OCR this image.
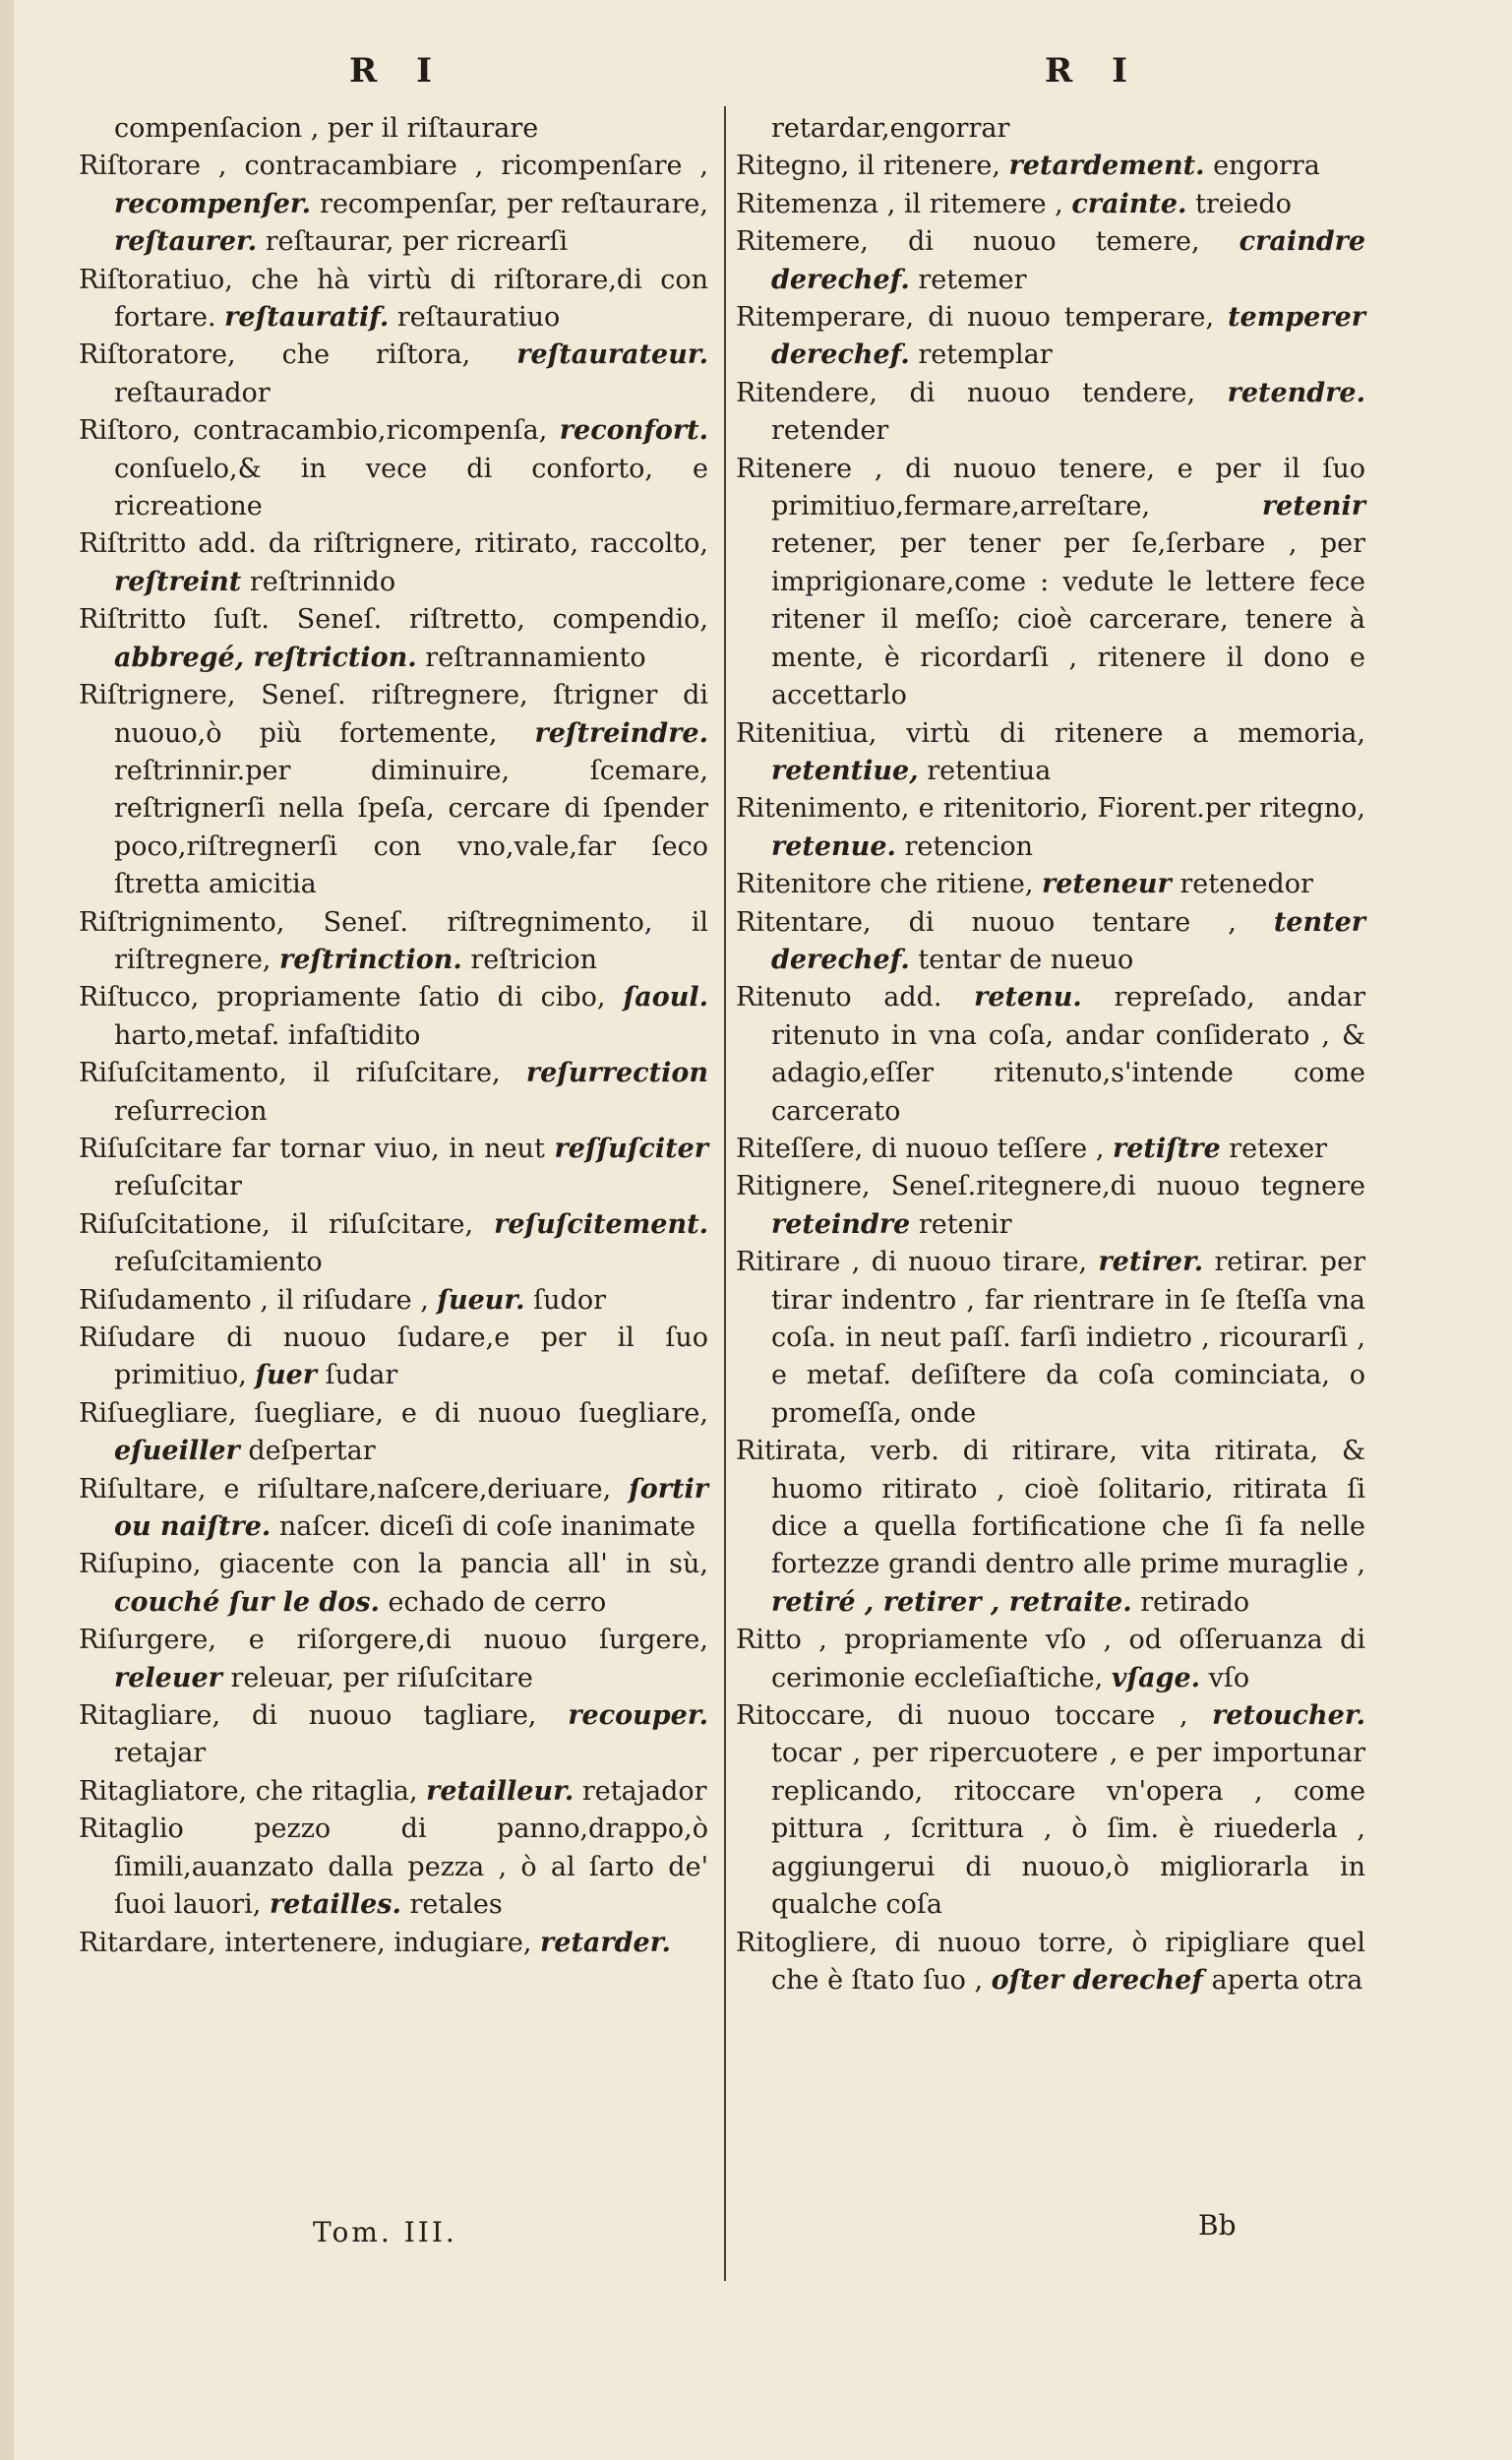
R I	R I
compenſacion , per il riſtaurare
Riſtorare , contracambiare , ricompenſare , recompenſer. recompenſar, per reſtaurare, reſtaurer. reſtaurar, per ricrearſi
Riſtoratiuo, che hà virtù di riſtorare,di con fortare. reſtauratif. reſtauratiuo
Riſtoratore, che riſtora, reſtaurateur. reſtaurador
Riſtoro, contracambio,ricompenſa, reconfort. conſuelo,& in vece di conforto, e ricreatione
Riſtritto add. da riſtrignere, ritirato, raccolto, reſtreint reſtrinnido
Riſtritto ſuſt. Seneſ. riſtretto, compendio, abbregé, reſtriction. reſtrannamiento
Riſtrignere, Seneſ. riſtregnere, ſtrigner di nuouo,ò più fortemente, reſtreindre. reſtrinnir.per diminuire, ſcemare, reſtrignerſi nella ſpeſa, cercare di ſpender poco,riſtregnerſi con vno,vale,far ſeco ſtretta amicitia
Riſtrignimento, Seneſ. riſtregnimento, il riſtregnere, reſtrinction. reſtricion
Riſtucco, propriamente ſatio di cibo, ſaoul. harto,metaf. infaſtidito
Riſuſcitamento, il riſuſcitare, reſurrection reſurrecion
Riſuſcitare far tornar viuo, in neut reſſuſciter reſuſcitar
Riſuſcitatione, il riſuſcitare, reſuſcitement. reſuſcitamiento
Riſudamento , il riſudare , ſueur. ſudor
Riſudare di nuouo ſudare,e per il ſuo primitiuo, ſuer ſudar
Riſuegliare, ſuegliare, e di nuouo ſuegliare, eſueiller deſpertar
Riſultare, e riſultare,naſcere,deriuare, ſortir ou naiſtre. naſcer. diceſi di coſe inanimate
Riſupino, giacente con la pancia all' in sù, couché ſur le dos. echado de cerro
Riſurgere, e riſorgere,di nuouo ſurgere, releuer releuar, per riſuſcitare
Ritagliare, di nuouo tagliare, recouper. retajar
Ritagliatore, che ritaglia, retailleur. retajador
Ritaglio	pezzo di panno,drappo,ò ſimili,auanzato dalla pezza , ò al ſarto de' ſuoi lauori, retailles. retales
Ritardare, intertenere, indugiare, retarder.
retardar,engorrar
Ritegno, il ritenere, retardement. engorra
Ritemenza , il ritemere , crainte. treiedo
Ritemere, di nuouo temere, craindre derechef. retemer
Ritemperare, di nuouo temperare, temperer derechef. retemplar
Ritendere, di nuouo tendere, retendre. retender
Ritenere , di nuouo tenere, e per il ſuo primitiuo,fermare,arreſtare,	retenir retener, per tener per ſe,ſerbare , per imprigionare,come : vedute le lettere fece ritener il meſſo; cioè carcerare, tenere à mente, è ricordarſi , ritenere il dono e accettarlo
Ritenitiua, virtù di ritenere a memoria, retentiue, retentiua
Ritenimento, e ritenitorio, Fiorent.per ritegno, retenue. retencion
Ritenitore che ritiene, reteneur retenedor
Ritentare, di nuouo tentare , tenter derechef. tentar de nueuo
Ritenuto add. retenu. repreſado, andar ritenuto in vna coſa, andar conſiderato , & adagio,eſſer ritenuto,s'intende come carcerato
Riteſſere, di nuouo teſſere , retiſtre retexer
Ritignere, Seneſ.ritegnere,di nuouo tegnere reteindre retenir
Ritirare , di nuouo tirare, retirer. retirar. per tirar indentro , far rientrare in ſe ſteſſa vna coſa. in neut paſſ. farſi indietro , ricourarſi , e metaf. deſiſtere da coſa cominciata, o promeſſa, onde
Ritirata, verb. di ritirare, vita ritirata, & huomo ritirato , cioè ſolitario, ritirata ſi dice a quella fortificatione che ſi fa nelle fortezze grandi dentro alle prime muraglie , retiré , retirer , retraite. retirado
Ritto , propriamente vſo , od oſſeruanza di cerimonie eccleſiaſtiche, vſage. vſo
Ritoccare, di nuouo toccare , retoucher. tocar , per ripercuotere , e per importunar replicando, ritoccare vn'opera , come pittura , ſcrittura , ò ſim. è riuederla , aggiungerui di nuouo,ò migliorarla in qualche coſa
Ritogliere, di nuouo torre, ò ripigliare quel che è ſtato ſuo , oſter derechef aperta otra
Tom. III.	Bb
